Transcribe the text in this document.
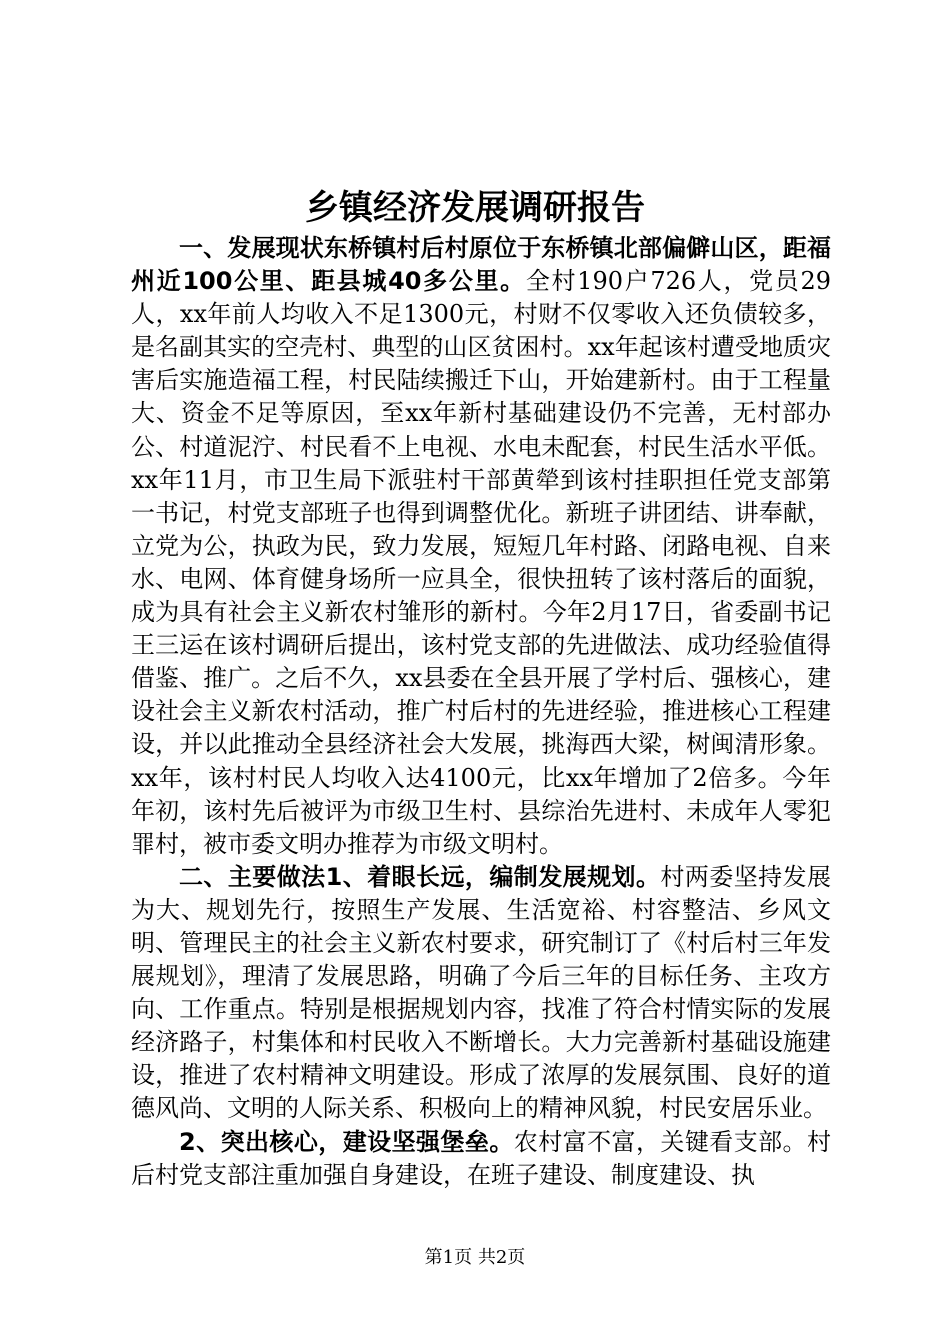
乡镇经济发展调研报告

一、发展现状东桥镇村后村原位于东桥镇北部偏僻山区，距福州近100公里、距县城40多公里。全村190户726人，党员29人，xx年前人均收入不足1300元，村财不仅零收入还负债较多，是名副其实的空壳村、典型的山区贫困村。xx年起该村遭受地质灾害后实施造福工程，村民陆续搬迁下山，开始建新村。由于工程量大、资金不足等原因，至xx年新村基础建设仍不完善，无村部办公、村道泥泞、村民看不上电视、水电未配套，村民生活水平低。xx年11月，市卫生局下派驻村干部黄犖到该村挂职担任党支部第一书记，村党支部班子也得到调整优化。新班子讲团结、讲奉献，立党为公，执政为民，致力发展，短短几年村路、闭路电视、自来水、电网、体育健身场所一应具全，很快扭转了该村落后的面貌，成为具有社会主义新农村雏形的新村。今年2月17日，省委副书记王三运在该村调研后提出，该村党支部的先进做法、成功经验值得借鉴、推广。之后不久，xx县委在全县开展了学村后、强核心，建设社会主义新农村活动，推广村后村的先进经验，推进核心工程建设，并以此推动全县经济社会大发展，挑海西大梁，树闽清形象。xx年，该村村民人均收入达4100元，比xx年增加了2倍多。今年年初，该村先后被评为市级卫生村、县综治先进村、未成年人零犯罪村，被市委文明办推荐为市级文明村。

二、主要做法1、着眼长远，编制发展规划。村两委坚持发展为大、规划先行，按照生产发展、生活宽裕、村容整洁、乡风文明、管理民主的社会主义新农村要求，研究制订了《村后村三年发展规划》，理清了发展思路，明确了今后三年的目标任务、主攻方向、工作重点。特别是根据规划内容，找准了符合村情实际的发展经济路子，村集体和村民收入不断增长。大力完善新村基础设施建设，推进了农村精神文明建设。形成了浓厚的发展氛围、良好的道德风尚、文明的人际关系、积极向上的精神风貌，村民安居乐业。

2、突出核心，建设坚强堡垒。农村富不富，关键看支部。村后村党支部注重加强自身建设，在班子建设、制度建设、执

第1页 共2页
